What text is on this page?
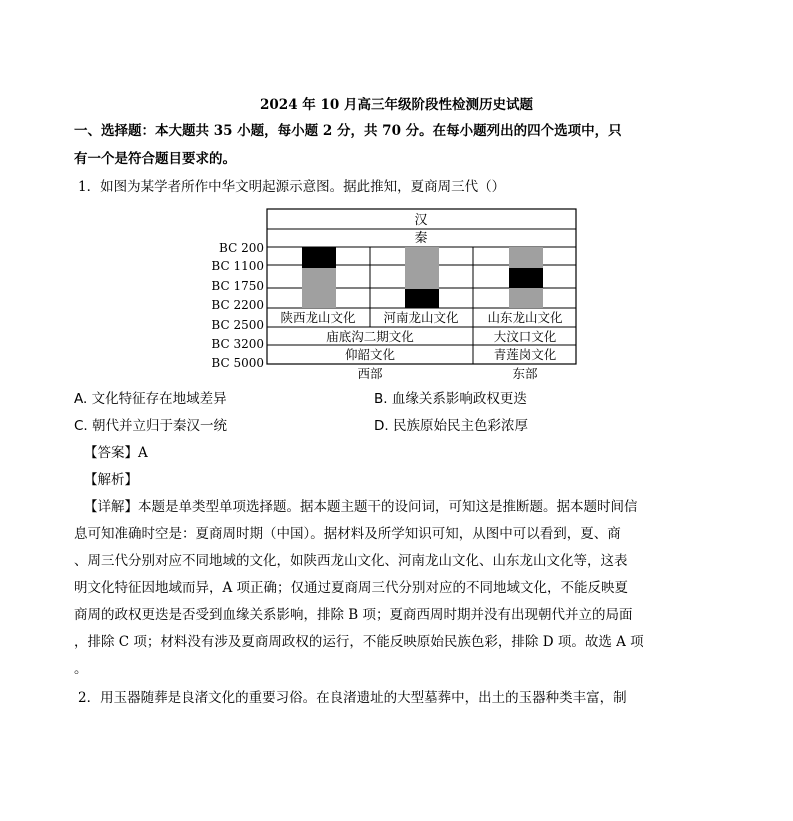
2024 年 10 月高三年级阶段性检测历史试题
一、选择题：本大题共 35 小题，每小题 2 分，共 70 分。在每小题列出的四个选项中，只
有一个是符合题目要求的。
1．如图为某学者所作中华文明起源示意图。据此推知，夏商周三代（）
汉
秦
陕西龙山文化 河南龙山文化 山东龙山文化
庙底沟二期文化
仰韶文化
大汶口文化
青莲岗文化
BC 200
BC 1100
BC 1750
BC 2200
BC 2500
BC 3200
BC 5000
西部	东部
A. 文化特征存在地域差异	B. 血缘关系影响政权更迭
C. 朝代并立归于秦汉一统	D. 民族原始民主色彩浓厚
【答案】A
【解析】
【详解】本题是单类型单项选择题。据本题主题干的设问词，可知这是推断题。据本题时间信
息可知准确时空是：夏商周时期（中国）。据材料及所学知识可知，从图中可以看到，夏、商
、周三代分别对应不同地域的文化，如陕西龙山文化、河南龙山文化、山东龙山文化等，这表
明文化特征因地域而异，A 项正确；仅通过夏商周三代分别对应的不同地域文化，不能反映夏
商周的政权更迭是否受到血缘关系影响，排除 B 项；夏商西周时期并没有出现朝代并立的局面
，排除 C 项；材料没有涉及夏商周政权的运行，不能反映原始民族色彩，排除 D 项。故选 A 项
。
2．用玉器随葬是良渚文化的重要习俗。在良渚遗址的大型墓葬中，出土的玉器种类丰富，制
